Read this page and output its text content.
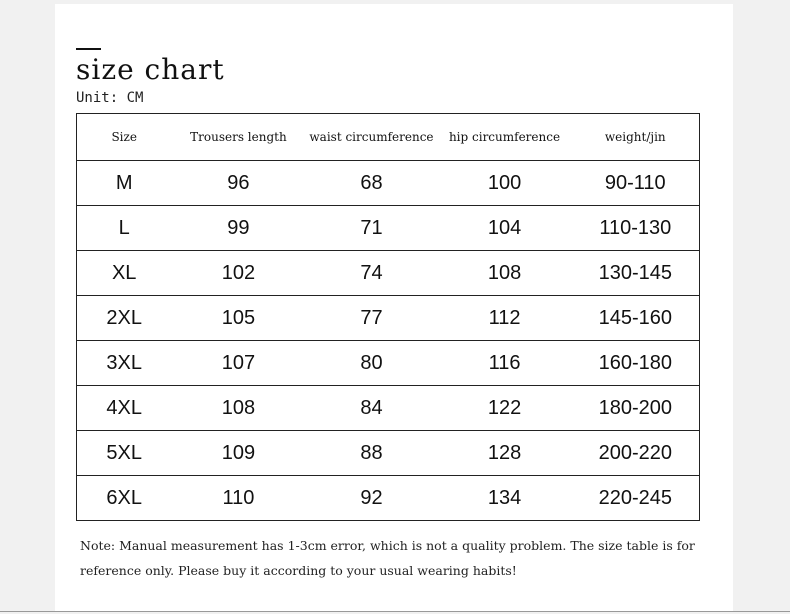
size chart
Unit: CM
Size	Trousers length	waist circumference	hip circumference	weight/jin
M	96	68	100	90-110
L	99	71	104	110-130
XL	102	74	108	130-145
2XL	105	77	112	145-160
3XL	107	80	116	160-180
4XL	108	84	122	180-200
5XL	109	88	128	200-220
6XL	110	92	134	220-245

Note: Manual measurement has 1-3cm error, which is not a quality problem. The size table is for reference only. Please buy it according to your usual wearing habits!
